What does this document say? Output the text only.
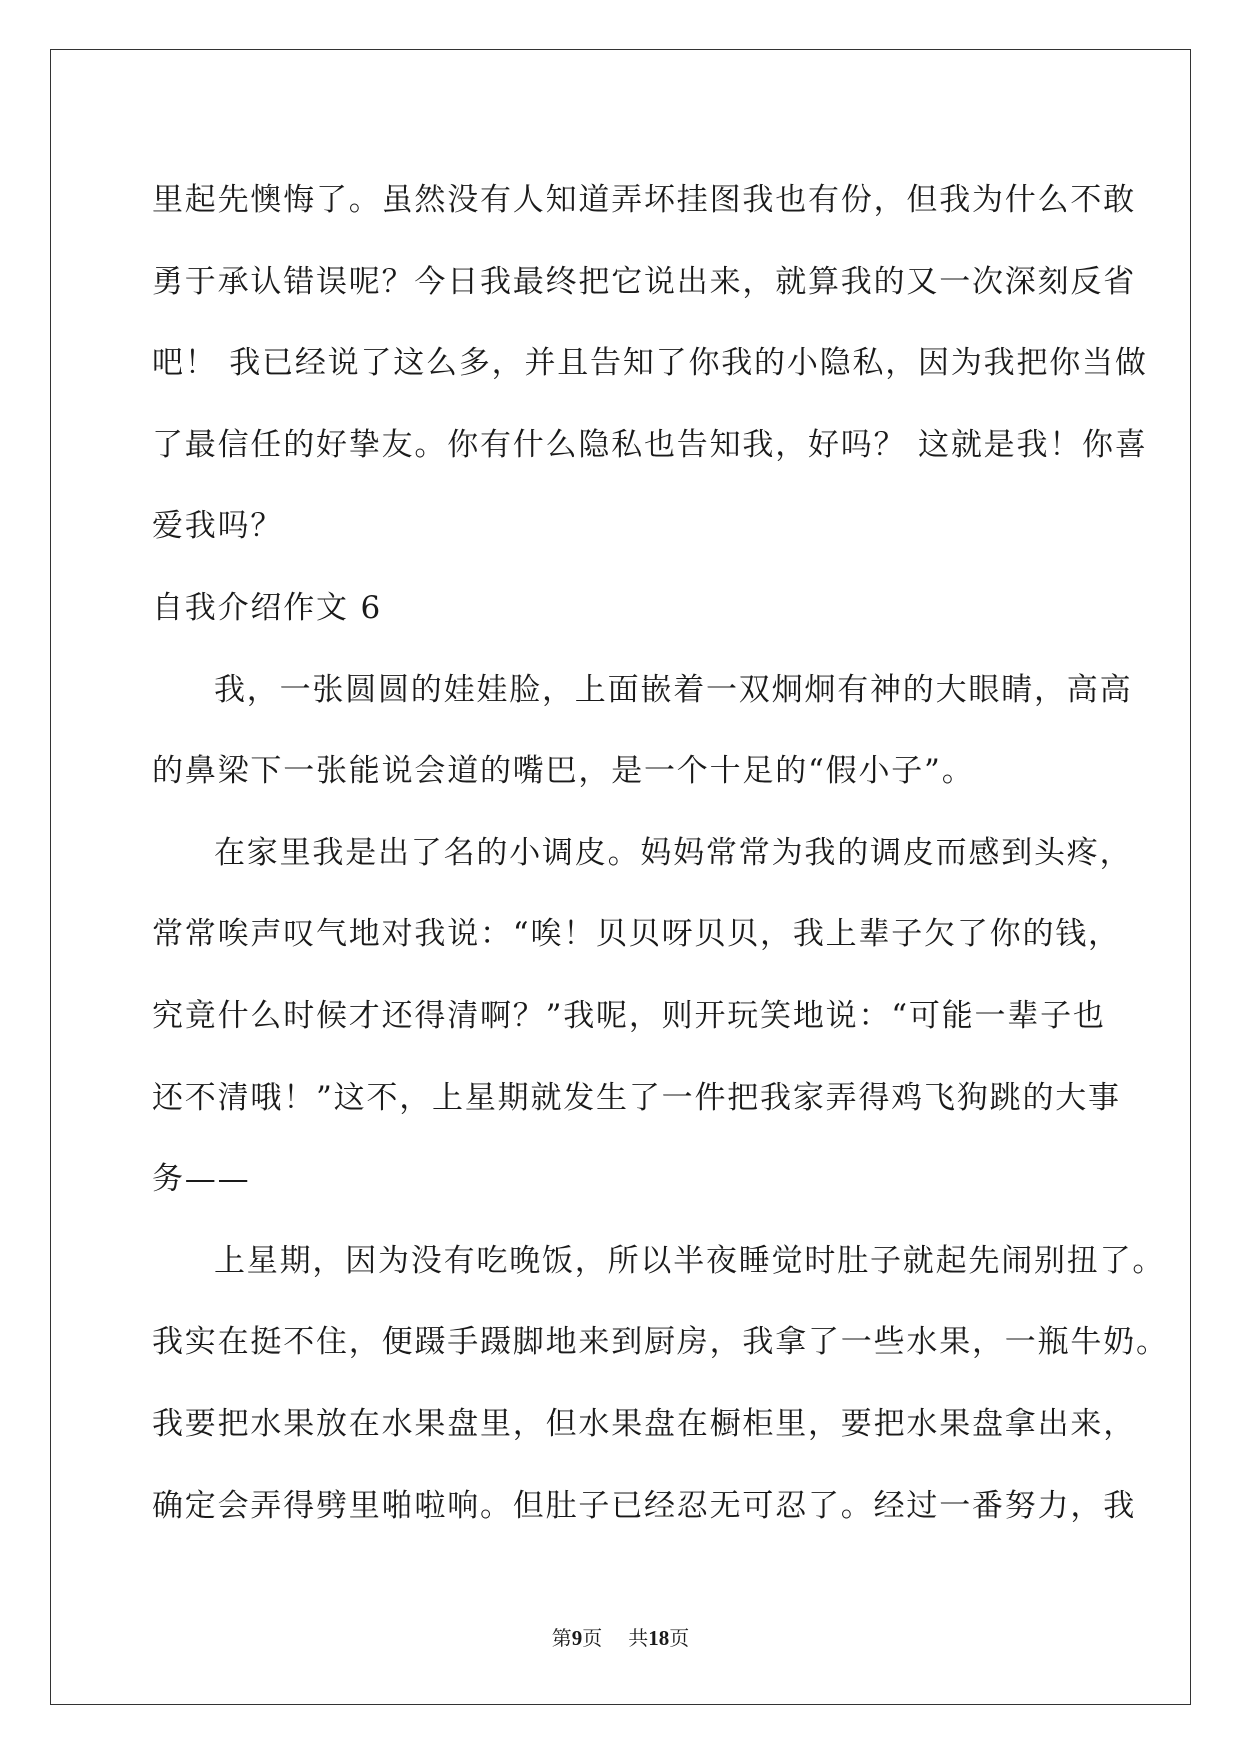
里起先懊悔了。虽然没有人知道弄坏挂图我也有份，但我为什么不敢
勇于承认错误呢？今日我最终把它说出来，就算我的又一次深刻反省
吧！ 我已经说了这么多，并且告知了你我的小隐私，因为我把你当做
了最信任的好挚友。你有什么隐私也告知我，好吗？ 这就是我！你喜
爱我吗？
自我介绍作文 6
我，一张圆圆的娃娃脸，上面嵌着一双炯炯有神的大眼睛，高高
的鼻梁下一张能说会道的嘴巴，是一个十足的“假小子”。
在家里我是出了名的小调皮。妈妈常常为我的调皮而感到头疼，
常常唉声叹气地对我说：“唉！贝贝呀贝贝，我上辈子欠了你的钱，
究竟什么时候才还得清啊？”我呢，则开玩笑地说：“可能一辈子也
还不清哦！”这不，上星期就发生了一件把我家弄得鸡飞狗跳的大事
务——
上星期，因为没有吃晚饭，所以半夜睡觉时肚子就起先闹别扭了。
我实在挺不住，便蹑手蹑脚地来到厨房，我拿了一些水果，一瓶牛奶。
我要把水果放在水果盘里，但水果盘在橱柜里，要把水果盘拿出来，
确定会弄得劈里啪啦响。但肚子已经忍无可忍了。经过一番努力，我
第9页 共18页
